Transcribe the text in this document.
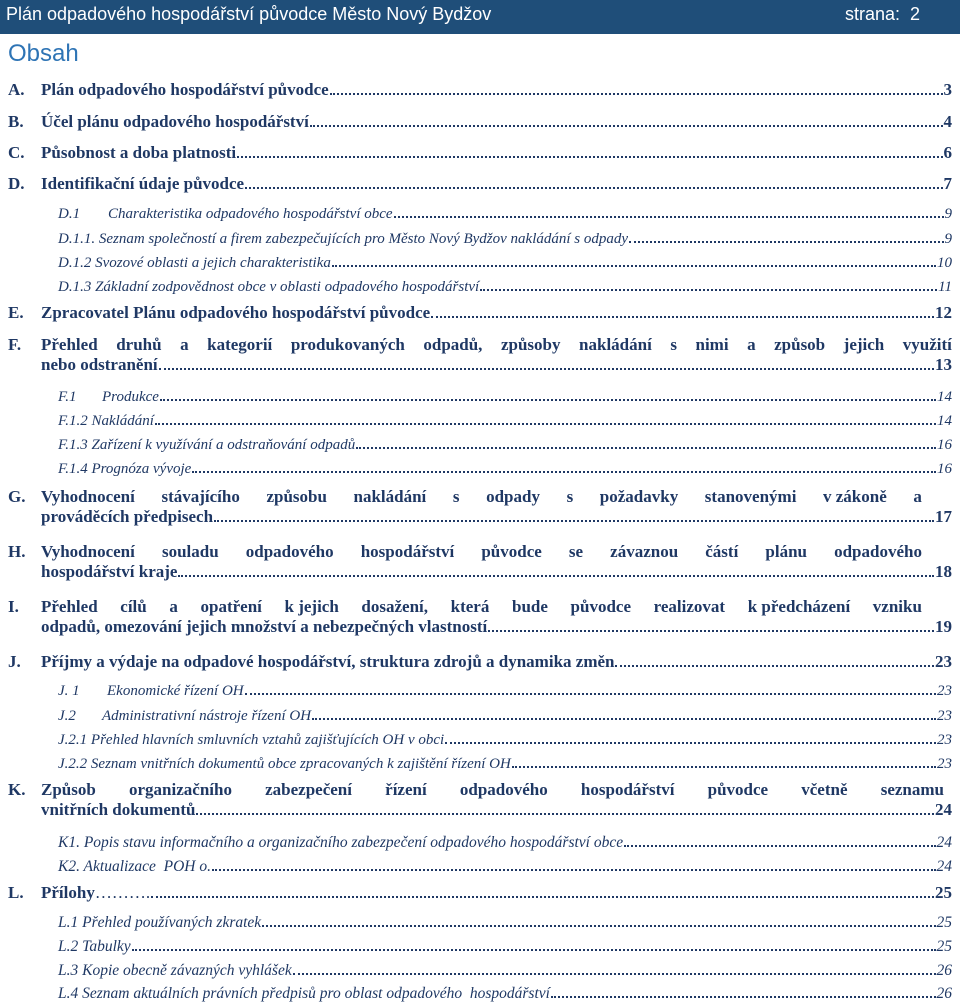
Plán odpadového hospodářství původce Město Nový Bydžov	strana: 2
Obsah
A. Plán odpadového hospodářství původce	3
B.	Účel plánu odpadového hospodářství	4
C. Působnost a doba platnosti	6
D. Identifikační údaje původce	7
D.1	Charakteristika odpadového hospodářství obce	9
D.1.1. Seznam společností a firem zabezpečujících pro Město Nový Bydžov nakládání s odpady	9
D.1.2 Svozové oblasti a jejich charakteristika	10
D.1.3 Základní zodpovědnost obce v oblasti odpadového hospodářství	11
E.	Zpracovatel Plánu odpadového hospodářství původce	12
F.	Přehled druhů a kategorií produkovaných odpadů, způsoby nakládání s nimi a způsob jejich využití
nebo odstranění	13
F.1	Produkce	14
F.1.2 Nakládání	14
F.1.3 Zařízení k využívání a odstraňování odpadů	16
F.1.4 Prognóza vývoje	16
G. Vyhodnocení stávajícího způsobu nakládání s odpady s požadavky stanovenými v zákoně a
prováděcích předpisech	17
H. Vyhodnocení souladu odpadového hospodářství původce se závaznou částí plánu odpadového
hospodářství kraje	18
I.	Přehled cílů a opatření k jejich dosažení, která bude původce realizovat k předcházení vzniku
odpadů, omezování jejich množství a nebezpečných vlastností	19
J.	Příjmy a výdaje na odpadové hospodářství, struktura zdrojů a dynamika změn	23
J. 1	Ekonomické řízení OH	23
J.2	Administrativní nástroje řízení OH	23
J.2.1 Přehled hlavních smluvních vztahů zajišťujících OH v obci	23
J.2.2 Seznam vnitřních dokumentů obce zpracovaných k zajištění řízení OH	23
K. Způsob organizačního zabezpečení řízení odpadového hospodářství původce včetně seznamu
vnitřních dokumentů	24
K1. Popis stavu informačního a organizačního zabezpečení odpadového hospodářství obce	24
K2. Aktualizace  POH o.	24
L.	Přílohy ……….	25
L.1 Přehled používaných zkratek	25
L.2 Tabulky	25
L.3 Kopie obecně závazných vyhlášek	26
L.4 Seznam aktuálních právních předpisů pro oblast odpadového  hospodářství	26
